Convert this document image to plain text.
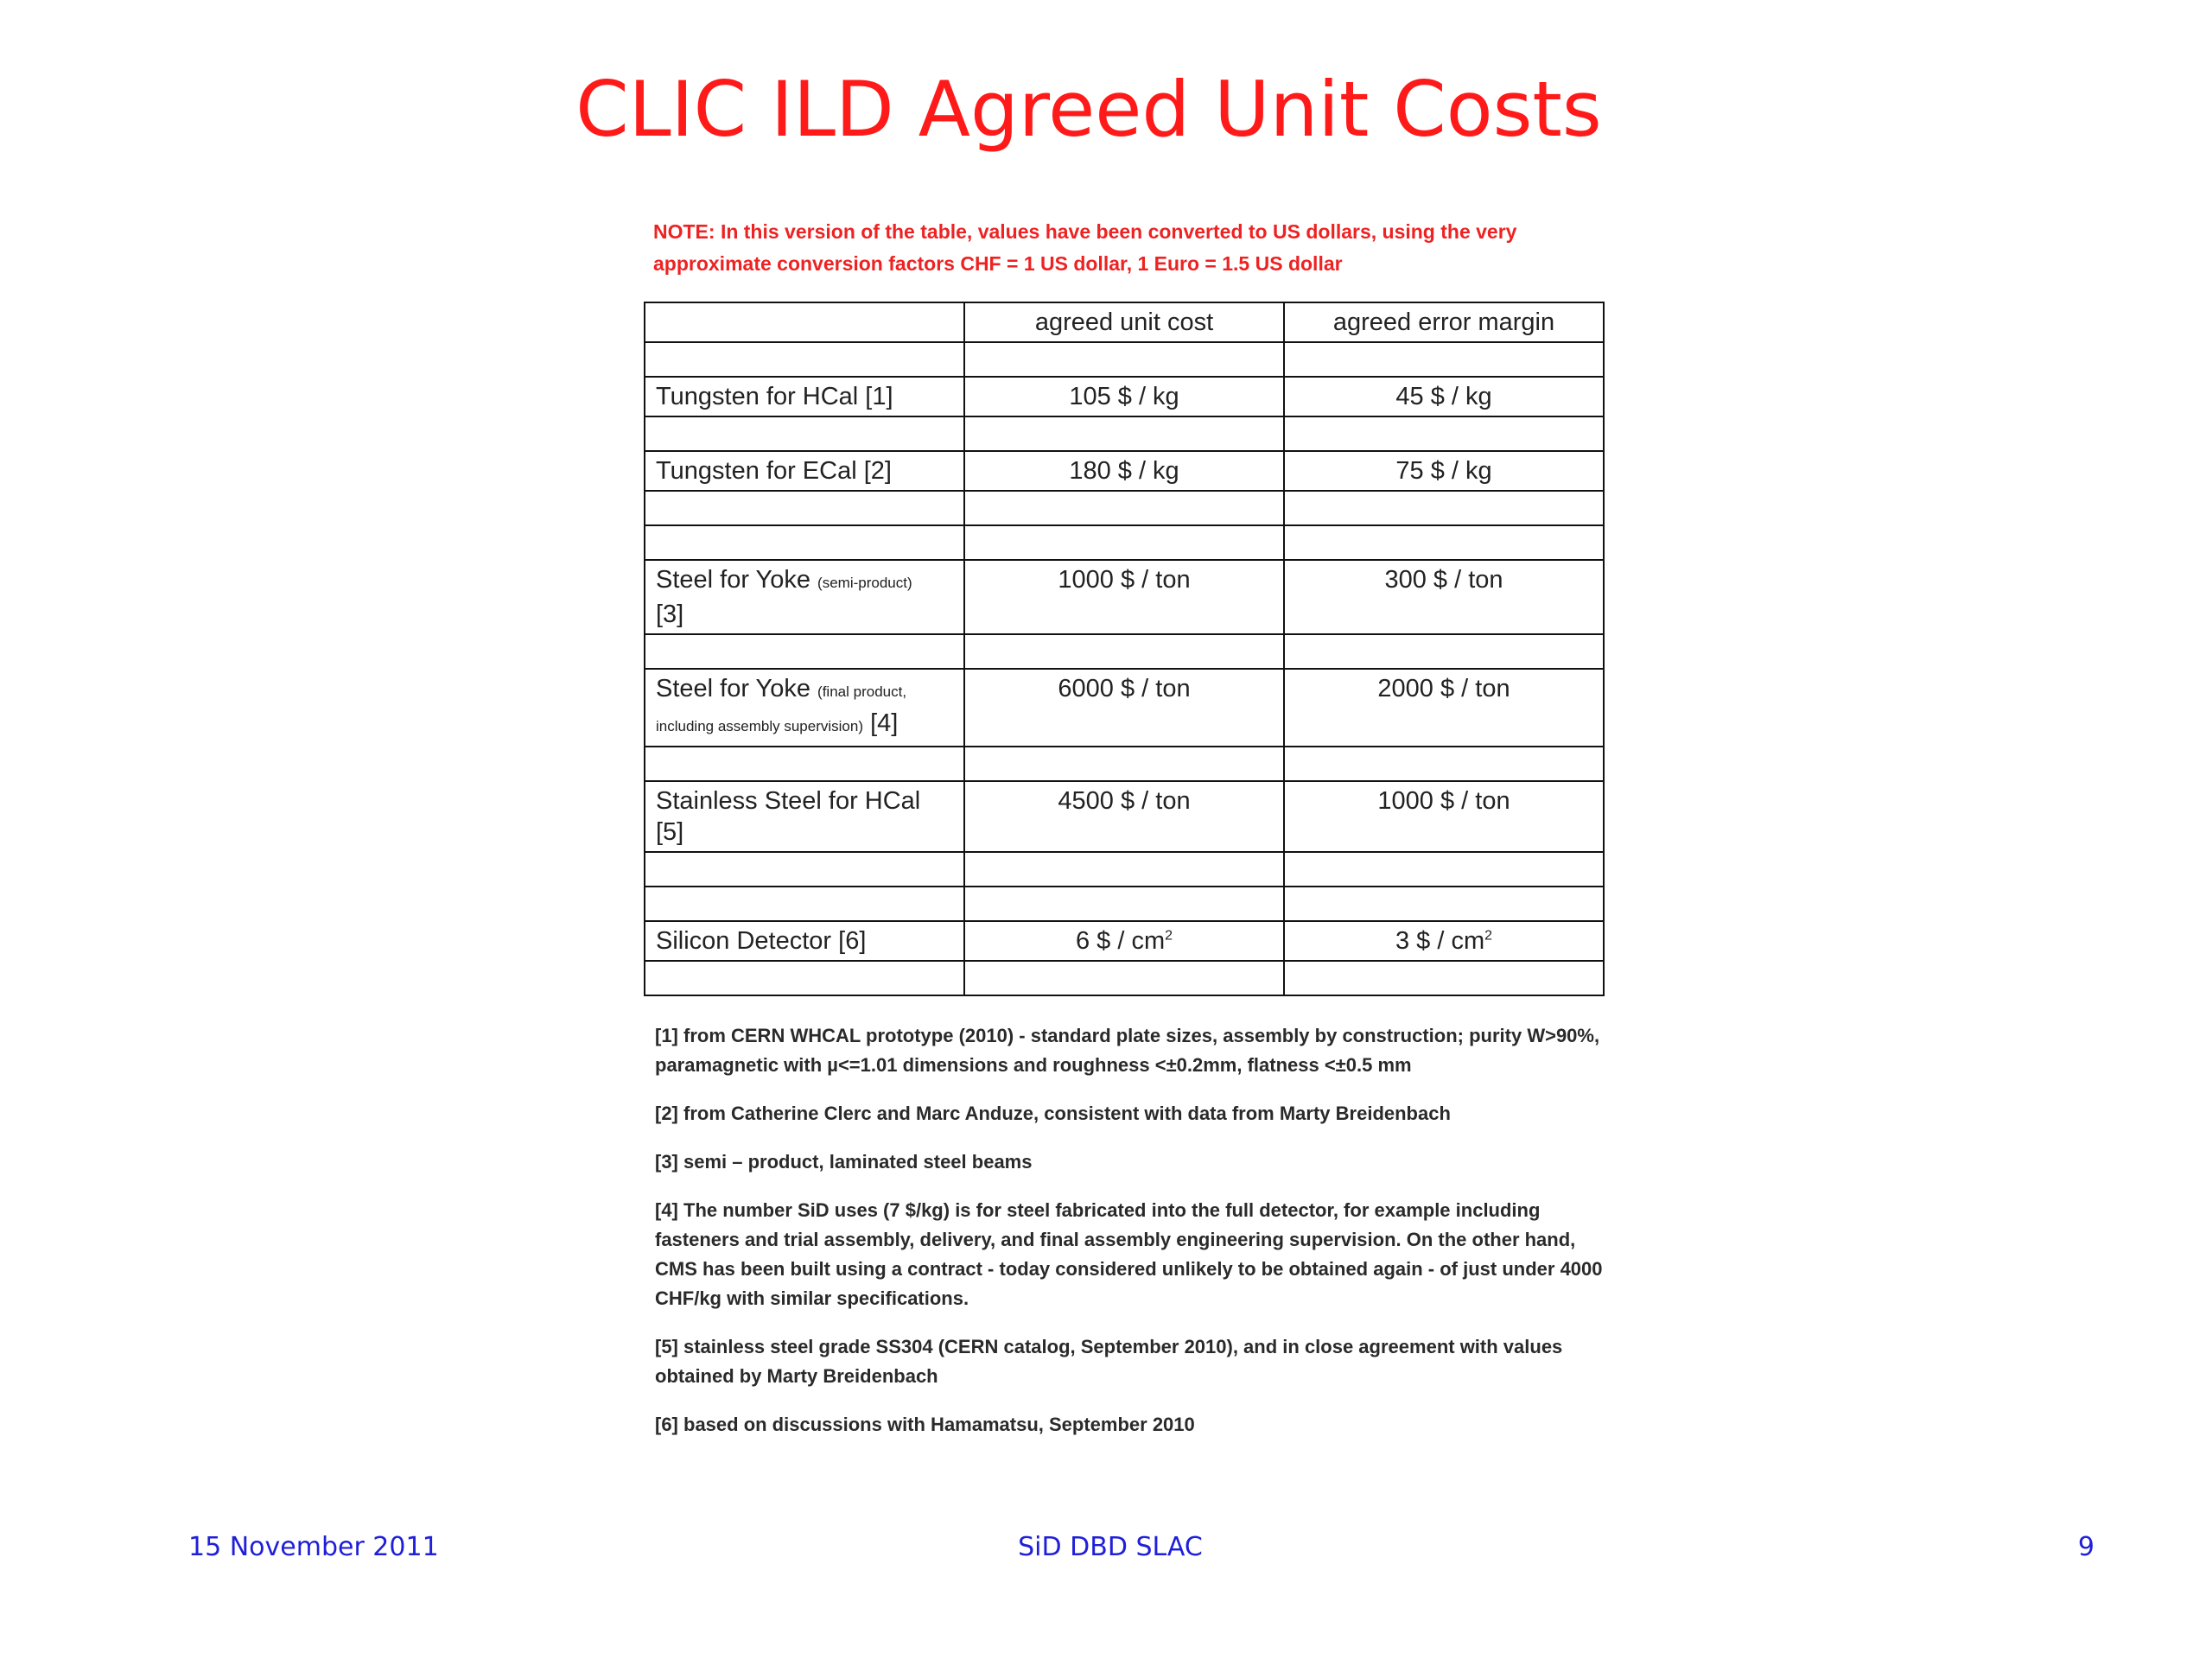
CLIC ILD Agreed Unit Costs
NOTE: In this version of the table, values have been converted to US dollars, using the very
approximate conversion factors CHF = 1 US dollar, 1 Euro = 1.5 US dollar
	agreed unit cost	agreed error margin

Tungsten for HCal [1]	105 $ / kg	45 $ / kg

Tungsten for ECal [2]	180 $ / kg	75 $ / kg

Steel for Yoke (semi-product)
[3]	1000 $ / ton	300 $ / ton

Steel for Yoke (final product,
including assembly supervision) [4]	6000 $ / ton	2000 $ / ton

Stainless Steel for HCal [5]	4500 $ / ton	1000 $ / ton

Silicon Detector [6]	6 $ / $cm^2$	3 $ / $cm^2$

[1] from CERN WHCAL prototype (2010) - standard plate sizes, assembly by construction; purity W>90%, paramagnetic with µ<=1.01 dimensions and roughness <±0.2mm, flatness <±0.5 mm

[2] from Catherine Clerc and Marc Anduze, consistent with data from Marty Breidenbach

[3] semi – product, laminated steel beams

[4] The number SiD uses (7 $/kg) is for steel fabricated into the full detector, for example including fasteners and trial assembly, delivery, and final assembly engineering supervision. On the other hand, CMS has been built using a contract - today considered unlikely to be obtained again - of just under 4000 CHF/kg with similar specifications.

[5] stainless steel grade SS304 (CERN catalog, September 2010), and in close agreement with values obtained by Marty Breidenbach

[6] based on discussions with Hamamatsu, September 2010

15 November 2011	SiD DBD SLAC	9
